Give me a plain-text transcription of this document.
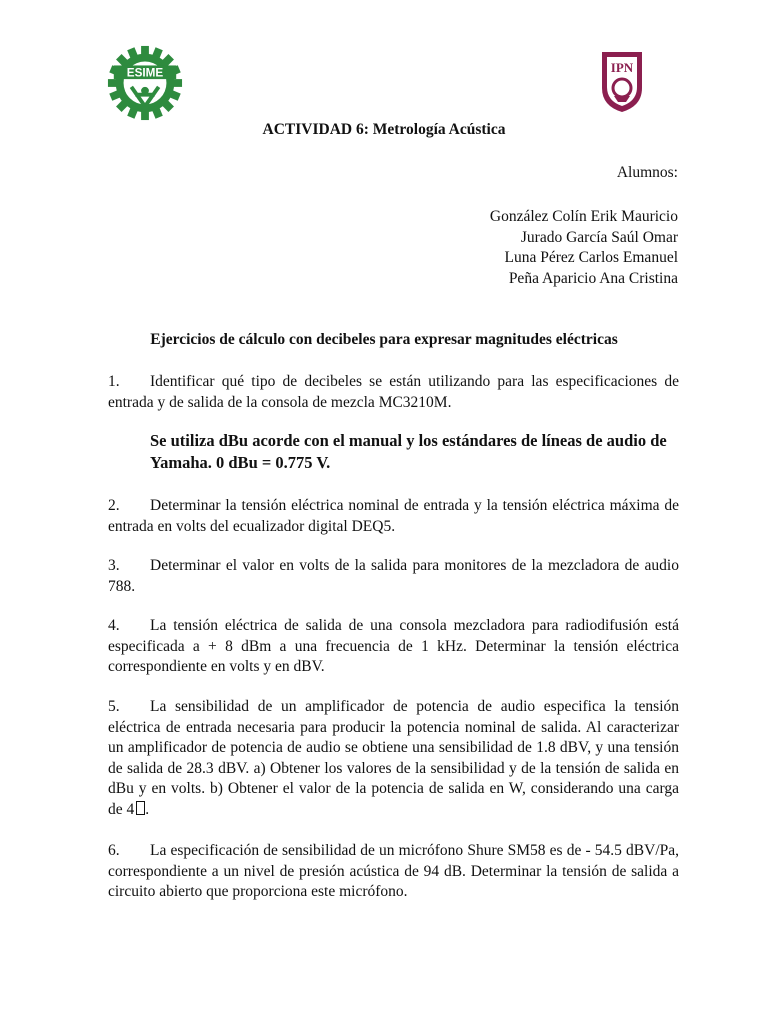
ESIME	IPN
ACTIVIDAD 6: Metrología Acústica
Alumnos:
González Colín Erik Mauricio
Jurado García Saúl Omar
Luna Pérez Carlos Emanuel
Peña Aparicio Ana Cristina
Ejercicios de cálculo con decibeles para expresar magnitudes eléctricas
1. Identificar qué tipo de decibeles se están utilizando para las especificaciones de entrada y de salida de la consola de mezcla MC3210M.
Se utiliza dBu acorde con el manual y los estándares de líneas de audio de Yamaha. 0 dBu = 0.775 V.
2. Determinar la tensión eléctrica nominal de entrada y la tensión eléctrica máxima de entrada en volts del ecualizador digital DEQ5.
3. Determinar el valor en volts de la salida para monitores de la mezcladora de audio 788.
4. La tensión eléctrica de salida de una consola mezcladora para radiodifusión está especificada a + 8 dBm a una frecuencia de 1 kHz. Determinar la tensión eléctrica correspondiente en volts y en dBV.
5. La sensibilidad de un amplificador de potencia de audio especifica la tensión eléctrica de entrada necesaria para producir la potencia nominal de salida. Al caracterizar un amplificador de potencia de audio se obtiene una sensibilidad de 1.8 dBV, y una tensión de salida de 28.3 dBV. a) Obtener los valores de la sensibilidad y de la tensión de salida en dBu y en volts. b) Obtener el valor de la potencia de salida en W, considerando una carga de 4 .
6. La especificación de sensibilidad de un micrófono Shure SM58 es de - 54.5 dBV/Pa, correspondiente a un nivel de presión acústica de 94 dB. Determinar la tensión de salida a circuito abierto que proporciona este micrófono.
